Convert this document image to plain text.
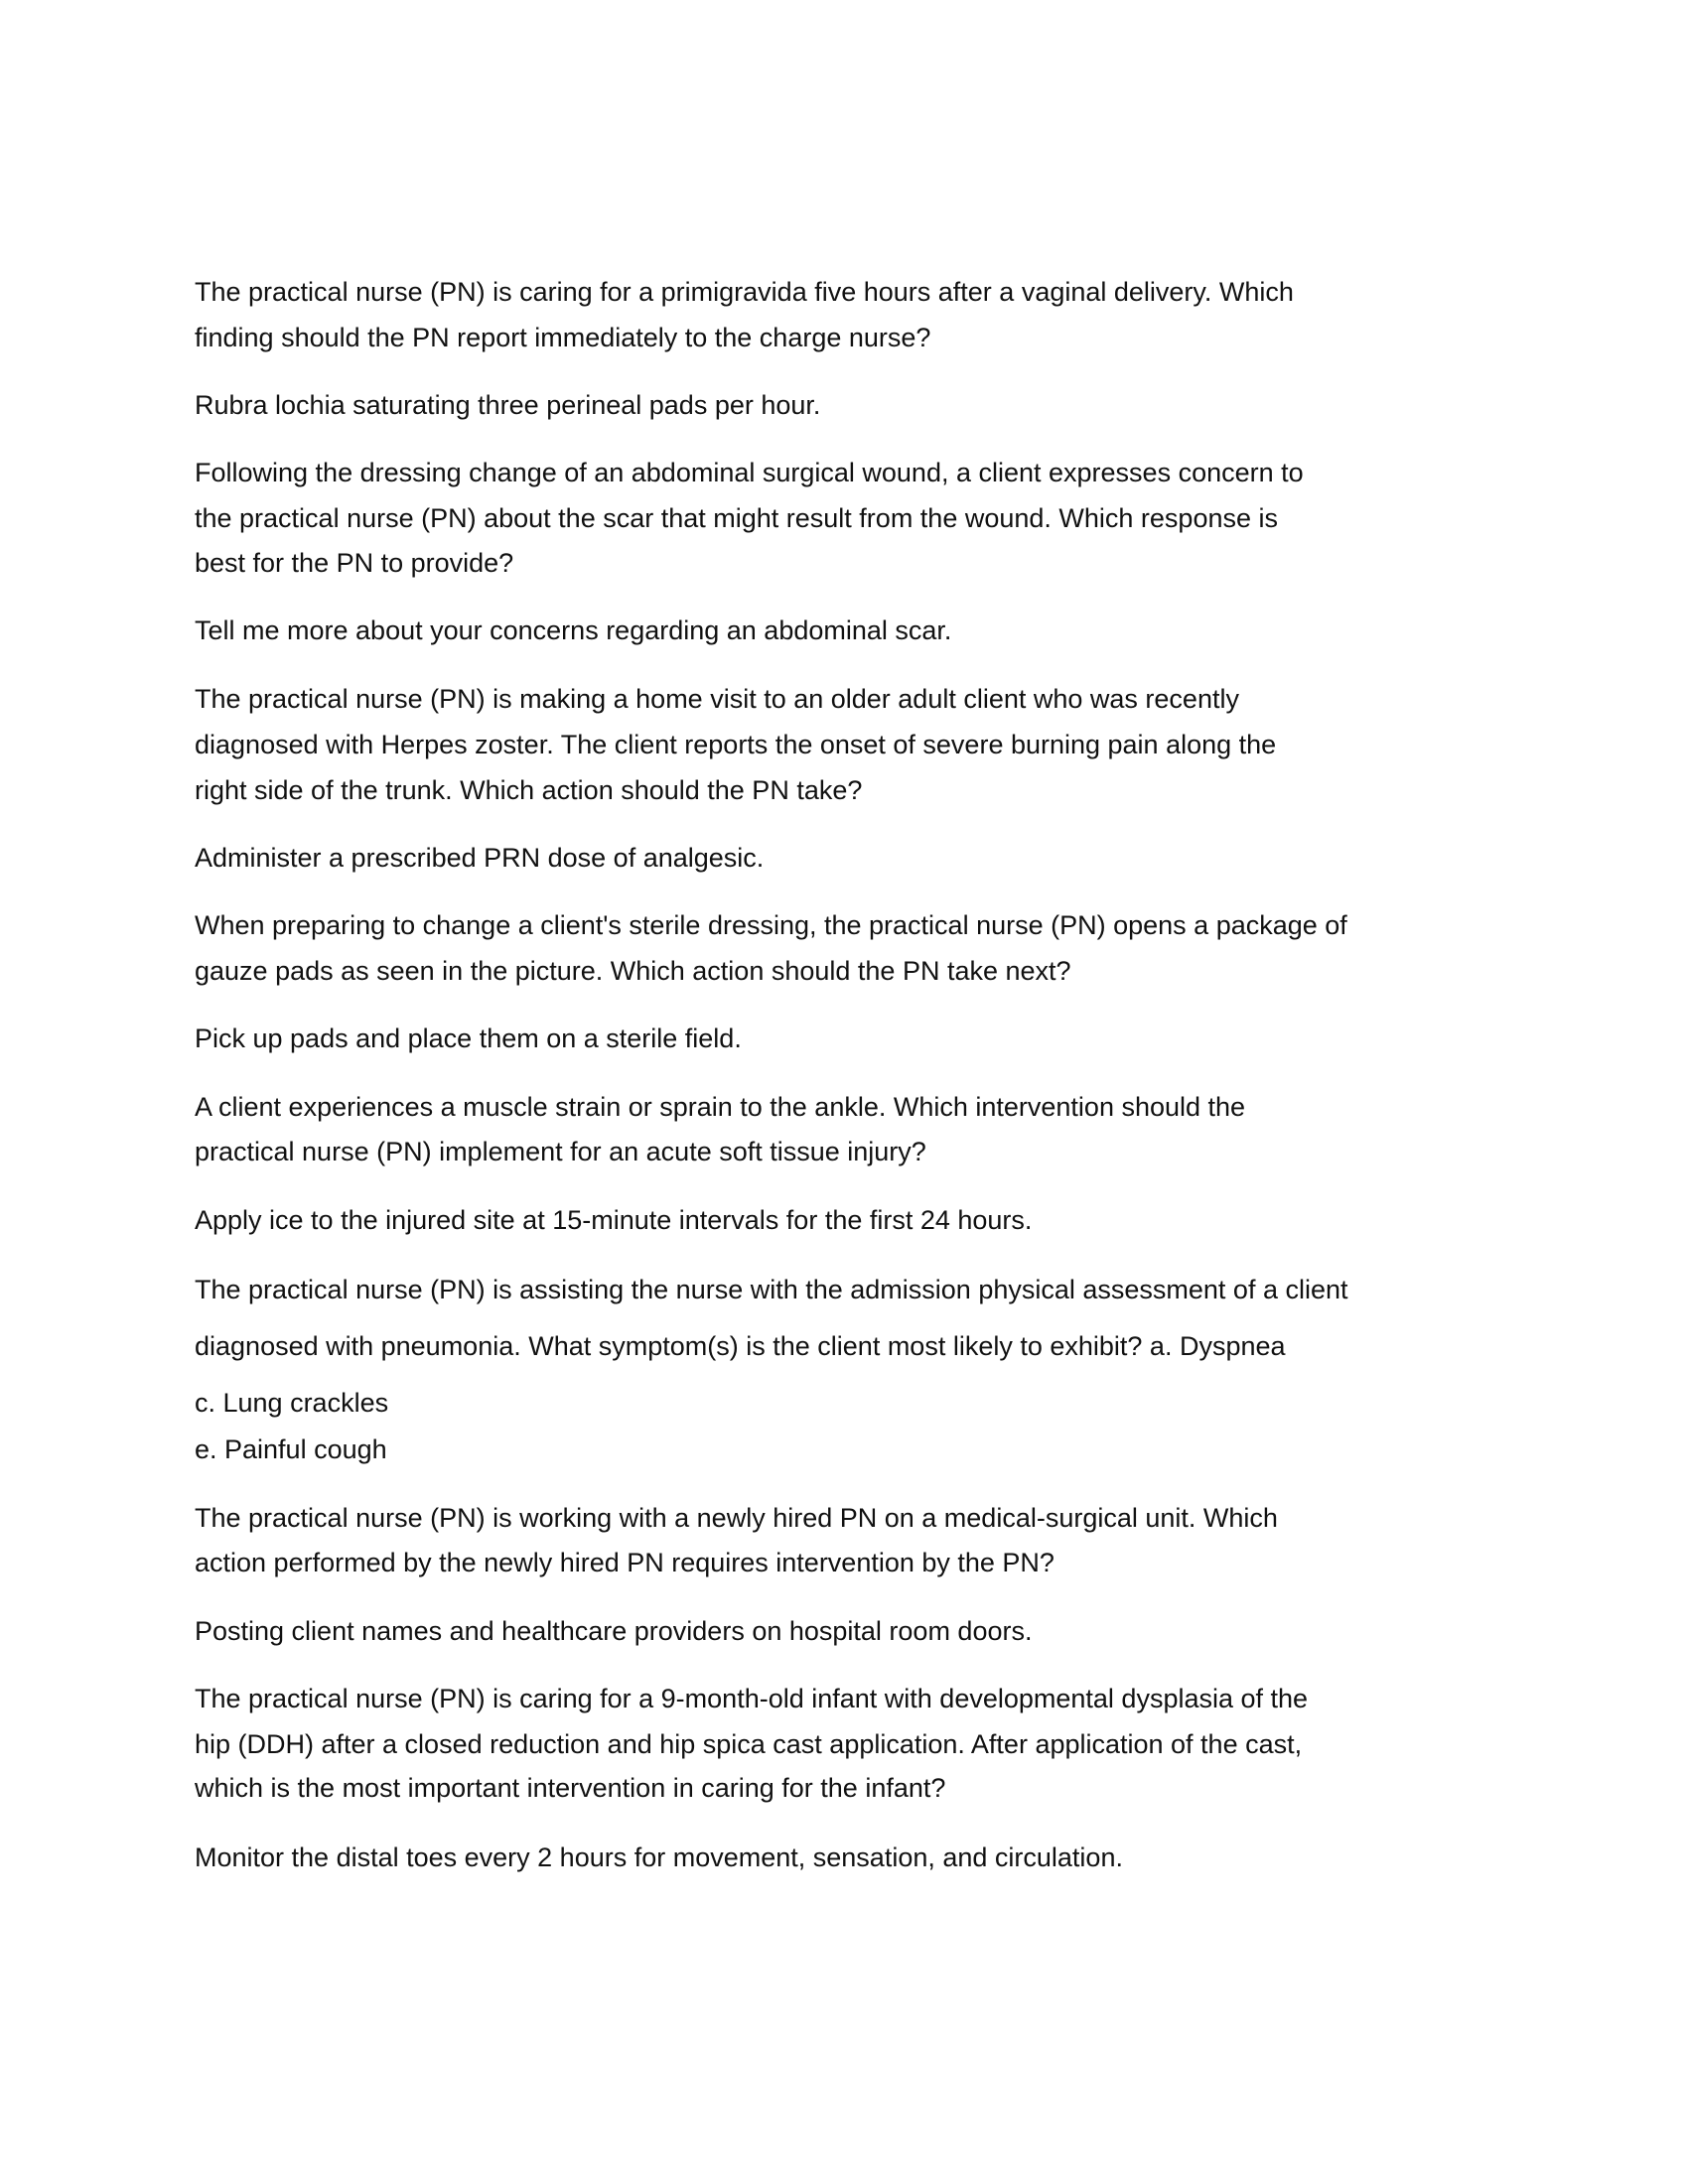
The practical nurse (PN) is caring for a primigravida five hours after a vaginal delivery. Which
finding should the PN report immediately to the charge nurse?
Rubra lochia saturating three perineal pads per hour.
Following the dressing change of an abdominal surgical wound, a client expresses concern to
the practical nurse (PN) about the scar that might result from the wound. Which response is
best for the PN to provide?
Tell me more about your concerns regarding an abdominal scar.
The practical nurse (PN) is making a home visit to an older adult client who was recently
diagnosed with Herpes zoster. The client reports the onset of severe burning pain along the
right side of the trunk. Which action should the PN take?
Administer a prescribed PRN dose of analgesic.
When preparing to change a client's sterile dressing, the practical nurse (PN) opens a package of
gauze pads as seen in the picture. Which action should the PN take next?
Pick up pads and place them on a sterile field.
A client experiences a muscle strain or sprain to the ankle. Which intervention should the
practical nurse (PN) implement for an acute soft tissue injury?
Apply ice to the injured site at 15-minute intervals for the first 24 hours.
The practical nurse (PN) is assisting the nurse with the admission physical assessment of a client
diagnosed with pneumonia. What symptom(s) is the client most likely to exhibit? a. Dyspnea
c. Lung crackles
e. Painful cough
The practical nurse (PN) is working with a newly hired PN on a medical-surgical unit. Which
action performed by the newly hired PN requires intervention by the PN?
Posting client names and healthcare providers on hospital room doors.
The practical nurse (PN) is caring for a 9-month-old infant with developmental dysplasia of the
hip (DDH) after a closed reduction and hip spica cast application. After application of the cast,
which is the most important intervention in caring for the infant?
Monitor the distal toes every 2 hours for movement, sensation, and circulation.
